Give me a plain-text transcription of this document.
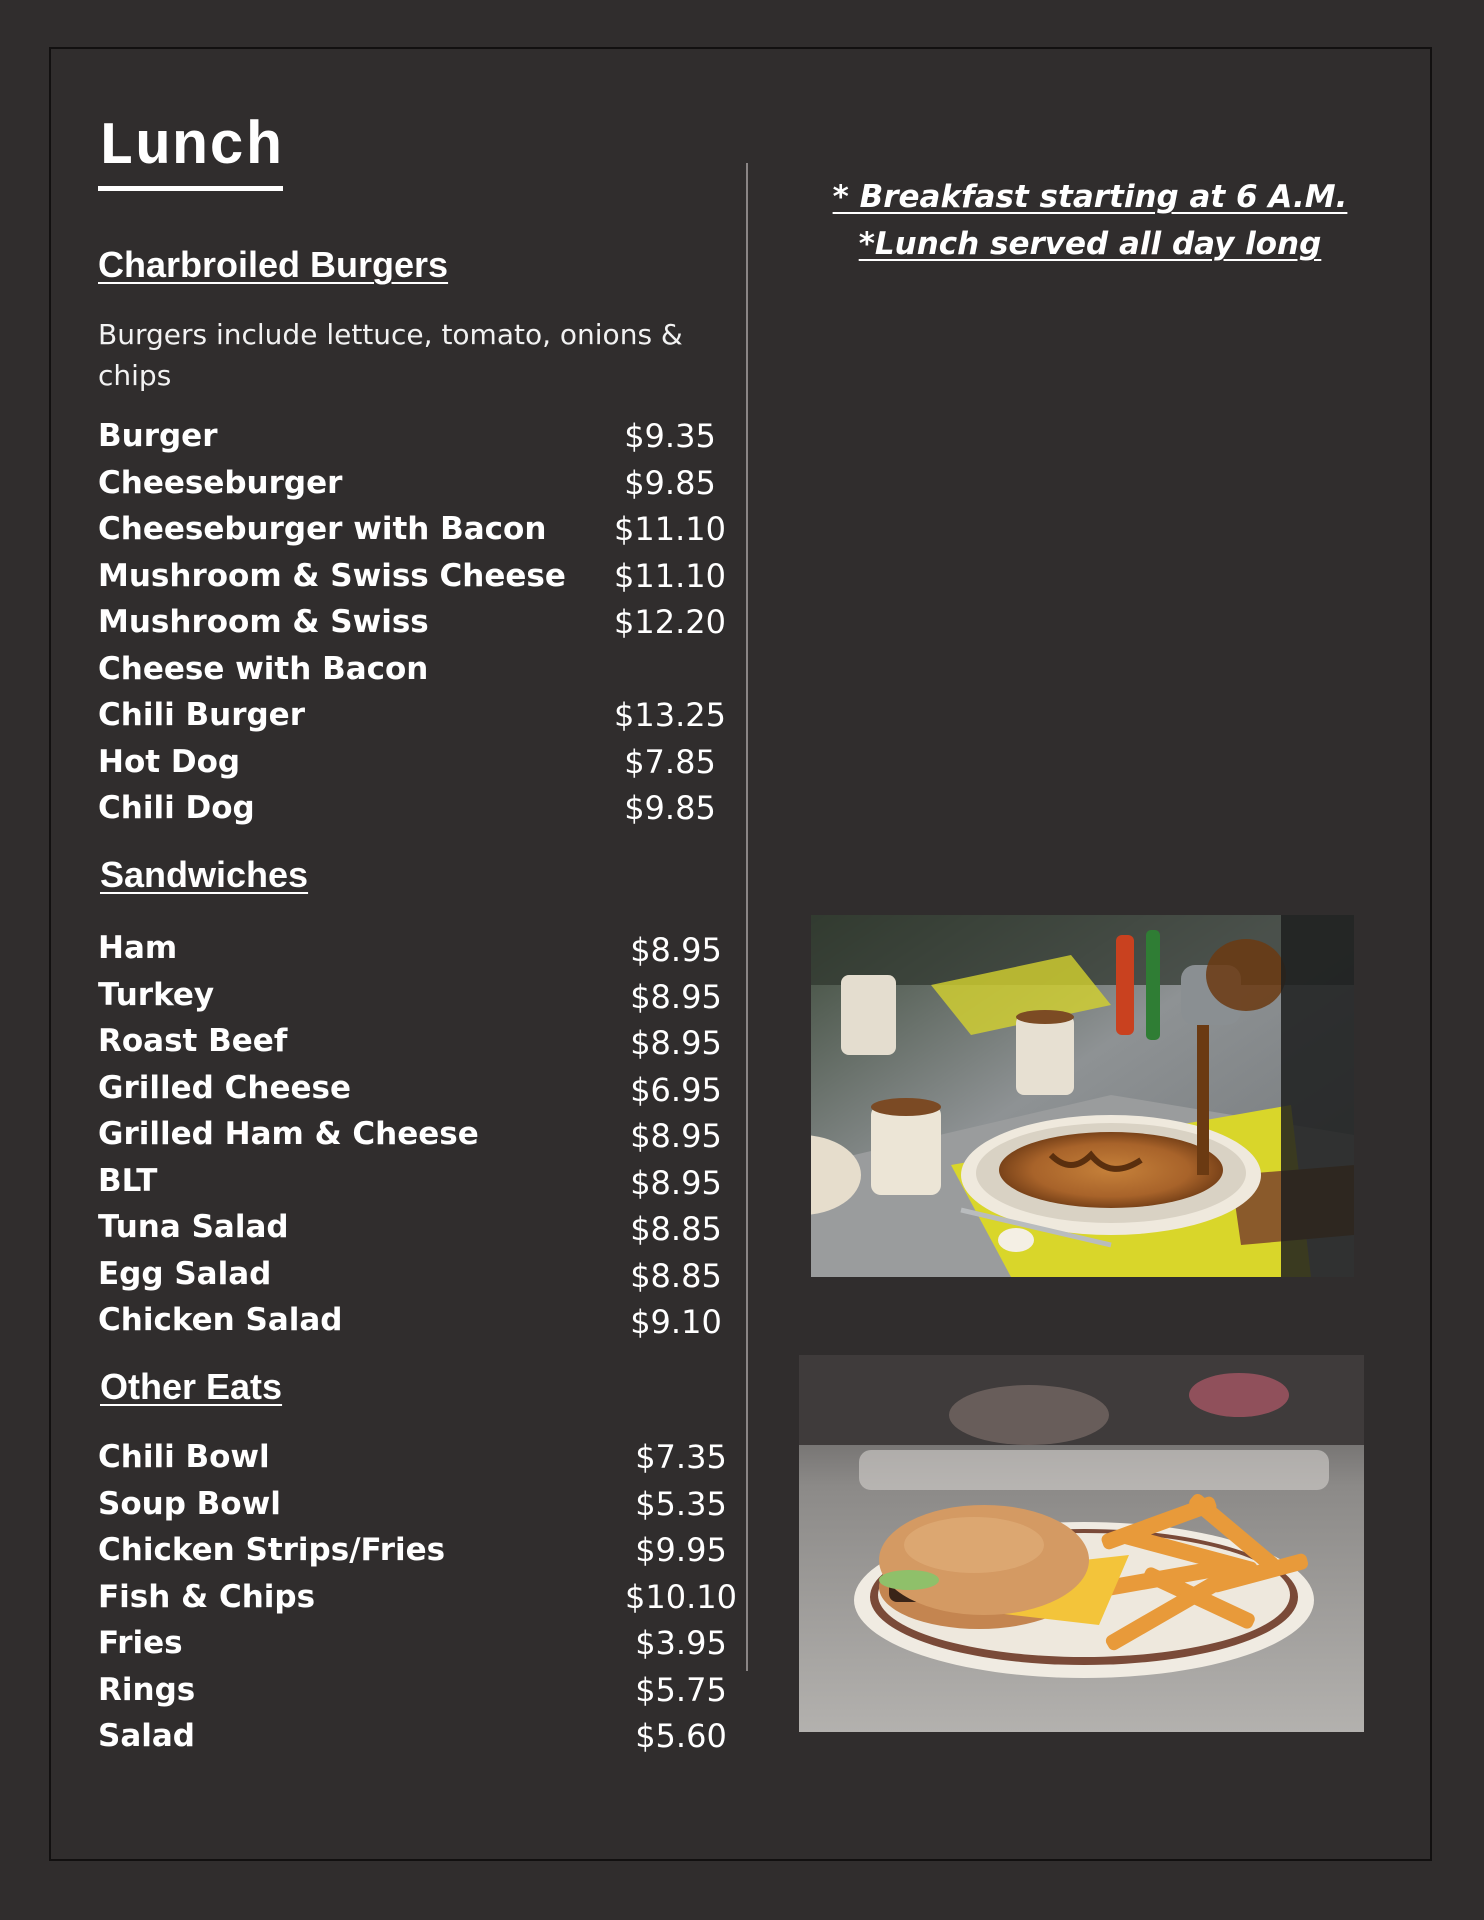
Lunch
Charbroiled Burgers
Burgers include lettuce, tomato, onions & chips
Burger	$9.35
Cheeseburger	$9.85
Cheeseburger with Bacon	$11.10
Mushroom & Swiss Cheese	$11.10
Mushroom & Swiss Cheese with Bacon
$12.20
Chili Burger	$13.25
Hot Dog	$7.85
Chili Dog	$9.85
Sandwiches
Ham	$8.95
Turkey	$8.95
Roast Beef	$8.95
Grilled Cheese	$6.95
Grilled Ham & Cheese	$8.95
BLT	$8.95
Tuna Salad	$8.85
Egg Salad	$8.85
Chicken Salad	$9.10
Other Eats
Chili Bowl	$7.35
Soup Bowl	$5.35
Chicken Strips/Fries	$9.95
Fish & Chips	$10.10
Fries	$3.95
Rings	$5.75
Salad	$5.60
* Breakfast starting at 6 A.M.
*Lunch served all day long
